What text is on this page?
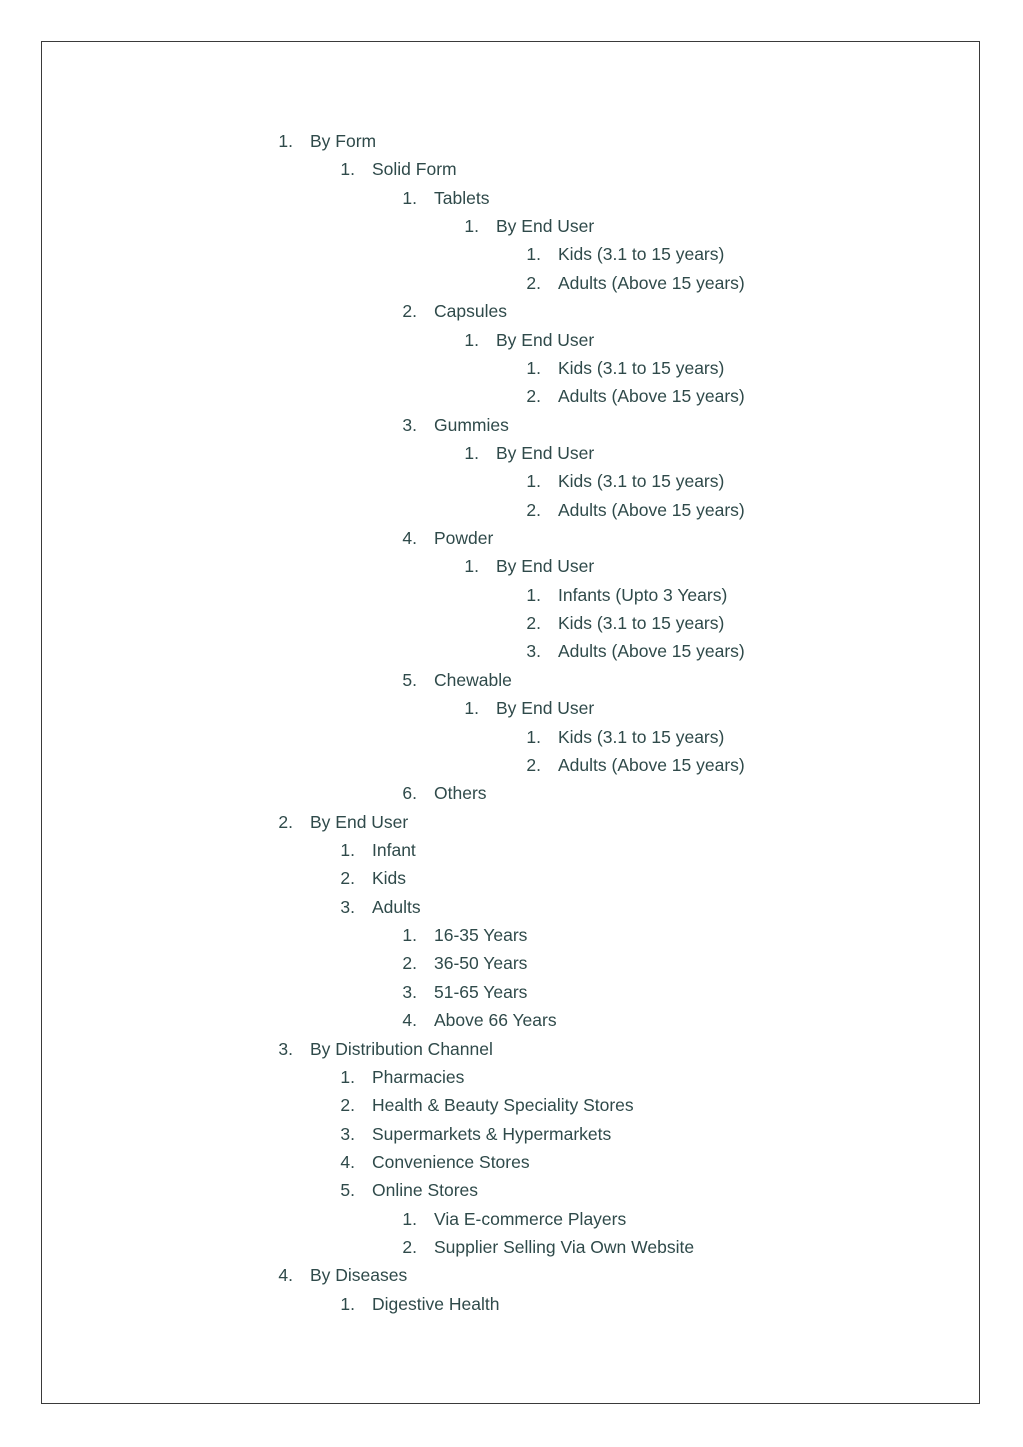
1. By Form
1. Solid Form
1. Tablets
1. By End User
1. Kids (3.1 to 15 years)
2. Adults (Above 15 years)
2. Capsules
1. By End User
1. Kids (3.1 to 15 years)
2. Adults (Above 15 years)
3. Gummies
1. By End User
1. Kids (3.1 to 15 years)
2. Adults (Above 15 years)
4. Powder
1. By End User
1. Infants (Upto 3 Years)
2. Kids (3.1 to 15 years)
3. Adults (Above 15 years)
5. Chewable
1. By End User
1. Kids (3.1 to 15 years)
2. Adults (Above 15 years)
6. Others
2. By End User
1. Infant
2. Kids
3. Adults
1. 16-35 Years
2. 36-50 Years
3. 51-65 Years
4. Above 66 Years
3. By Distribution Channel
1. Pharmacies
2. Health & Beauty Speciality Stores
3. Supermarkets & Hypermarkets
4. Convenience Stores
5. Online Stores
1. Via E-commerce Players
2. Supplier Selling Via Own Website
4. By Diseases
1. Digestive Health
